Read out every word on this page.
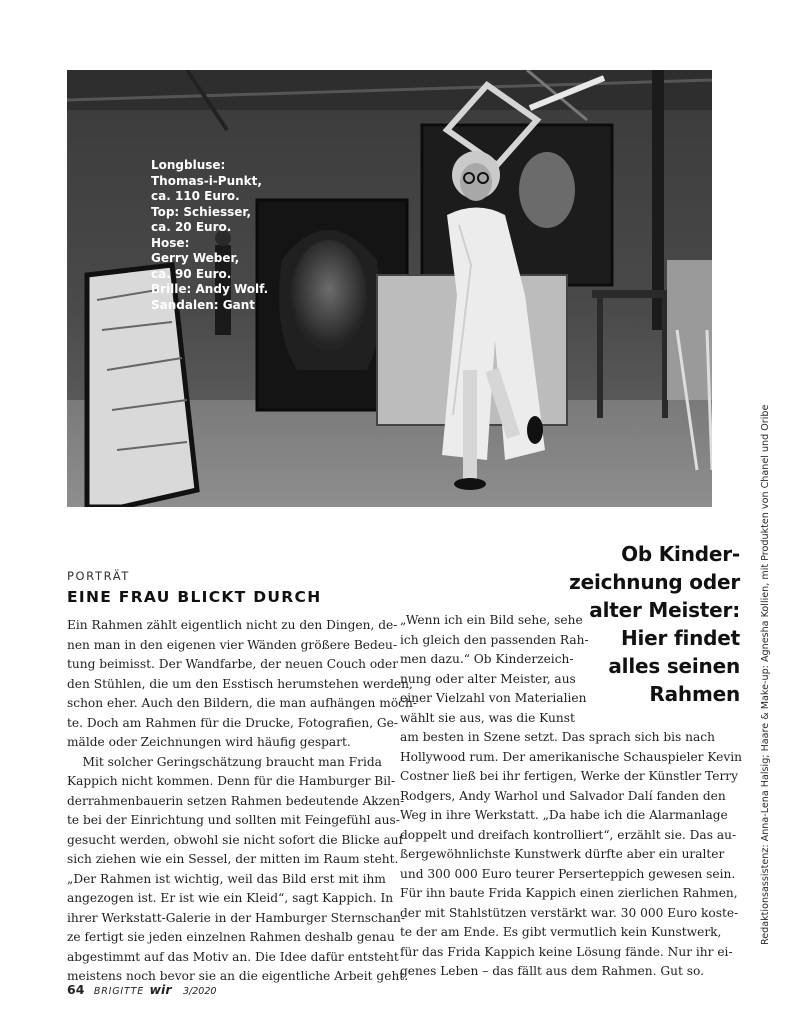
Longbluse:
Thomas-i-Punkt,
ca. 110 Euro.
Top: Schiesser,
ca. 20 Euro.
Hose:
Gerry Weber,
ca. 90 Euro.
Brille: Andy Wolf.
Sandalen: Gant
Redaktionsassistenz: Anna-Lena Halsig; Haare & Make-up: Agnesha Kollien, mit Produkten von Chanel und Oribe
PORTRÄT
EINE FRAU BLICKT DURCH
Ob Kinder-
zeichnung oder
alter Meister:
Hier findet
alles seinen
Rahmen
Ein Rahmen zählt eigentlich nicht zu den Dingen, de-
nen man in den eigenen vier Wänden größere Bedeu-
tung beimisst. Der Wandfarbe, der neuen Couch oder
den Stühlen, die um den Esstisch herumstehen werden,
schon eher. Auch den Bildern, die man aufhängen möch-
te. Doch am Rahmen für die Drucke, Fotografien, Ge-
mälde oder Zeichnungen wird häufig gespart.
Mit solcher Geringschätzung braucht man Frida
Kappich nicht kommen. Denn für die Hamburger Bil-
derrahmenbauerin setzen Rahmen bedeutende Akzen-
te bei der Einrichtung und sollten mit Feingefühl aus-
gesucht werden, obwohl sie nicht sofort die Blicke auf
sich ziehen wie ein Sessel, der mitten im Raum steht.
„Der Rahmen ist wichtig, weil das Bild erst mit ihm
angezogen ist. Er ist wie ein Kleid“, sagt Kappich. In
ihrer Werkstatt-Galerie in der Hamburger Sternschan-
ze fertigt sie jeden einzelnen Rahmen deshalb genau
abgestimmt auf das Motiv an. Die Idee dafür entsteht
meistens noch bevor sie an die eigentliche Arbeit geht.
„Wenn ich ein Bild sehe, sehe
ich gleich den passenden Rah-
men dazu.“ Ob Kinderzeich-
nung oder alter Meister, aus
einer Vielzahl von Materialien
wählt sie aus, was die Kunst
am besten in Szene setzt. Das sprach sich bis nach
Hollywood rum. Der amerikanische Schauspieler Kevin
Costner ließ bei ihr fertigen, Werke der Künstler Terry
Rodgers, Andy Warhol und Salvador Dalí fanden den
Weg in ihre Werkstatt. „Da habe ich die Alarmanlage
doppelt und dreifach kontrolliert“, erzählt sie. Das au-
ßergewöhnlichste Kunstwerk dürfte aber ein uralter
und 300 000 Euro teurer Perserteppich gewesen sein.
Für ihn baute Frida Kappich einen zierlichen Rahmen,
der mit Stahlstützen verstärkt war. 30 000 Euro koste-
te der am Ende. Es gibt vermutlich kein Kunstwerk,
für das Frida Kappich keine Lösung fände. Nur ihr ei-
genes Leben – das fällt aus dem Rahmen. Gut so.
64 BRIGITTE wir 3/2020
